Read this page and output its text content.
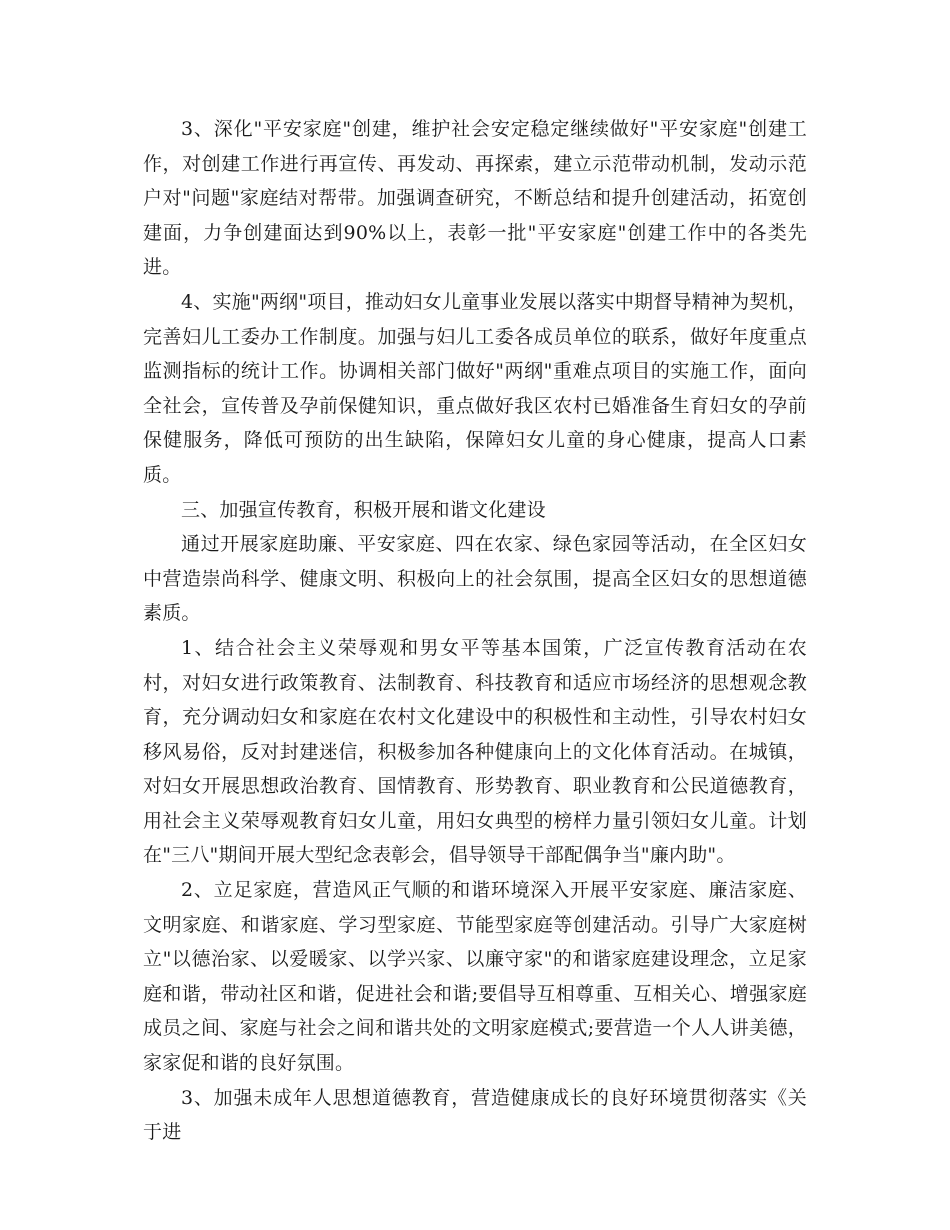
3、深化"平安家庭"创建，维护社会安定稳定继续做好"平安家庭"创建工作，对创建工作进行再宣传、再发动、再探索，建立示范带动机制，发动示范户对"问题"家庭结对帮带。加强调查研究，不断总结和提升创建活动，拓宽创建面，力争创建面达到90%以上，表彰一批"平安家庭"创建工作中的各类先进。

4、实施"两纲"项目，推动妇女儿童事业发展以落实中期督导精神为契机，完善妇儿工委办工作制度。加强与妇儿工委各成员单位的联系，做好年度重点监测指标的统计工作。协调相关部门做好"两纲"重难点项目的实施工作，面向全社会，宣传普及孕前保健知识，重点做好我区农村已婚准备生育妇女的孕前保健服务，降低可预防的出生缺陷，保障妇女儿童的身心健康，提高人口素质。

三、加强宣传教育，积极开展和谐文化建设

通过开展家庭助廉、平安家庭、四在农家、绿色家园等活动，在全区妇女中营造崇尚科学、健康文明、积极向上的社会氛围，提高全区妇女的思想道德素质。

1、结合社会主义荣辱观和男女平等基本国策，广泛宣传教育活动在农村，对妇女进行政策教育、法制教育、科技教育和适应市场经济的思想观念教育，充分调动妇女和家庭在农村文化建设中的积极性和主动性，引导农村妇女移风易俗，反对封建迷信，积极参加各种健康向上的文化体育活动。在城镇，对妇女开展思想政治教育、国情教育、形势教育、职业教育和公民道德教育，用社会主义荣辱观教育妇女儿童，用妇女典型的榜样力量引领妇女儿童。计划在"三八"期间开展大型纪念表彰会，倡导领导干部配偶争当"廉内助"。

2、立足家庭，营造风正气顺的和谐环境深入开展平安家庭、廉洁家庭、文明家庭、和谐家庭、学习型家庭、节能型家庭等创建活动。引导广大家庭树立"以德治家、以爱暖家、以学兴家、以廉守家"的和谐家庭建设理念，立足家庭和谐，带动社区和谐，促进社会和谐;要倡导互相尊重、互相关心、增强家庭成员之间、家庭与社会之间和谐共处的文明家庭模式;要营造一个人人讲美德，家家促和谐的良好氛围。

3、加强未成年人思想道德教育，营造健康成长的良好环境贯彻落实《关于进
